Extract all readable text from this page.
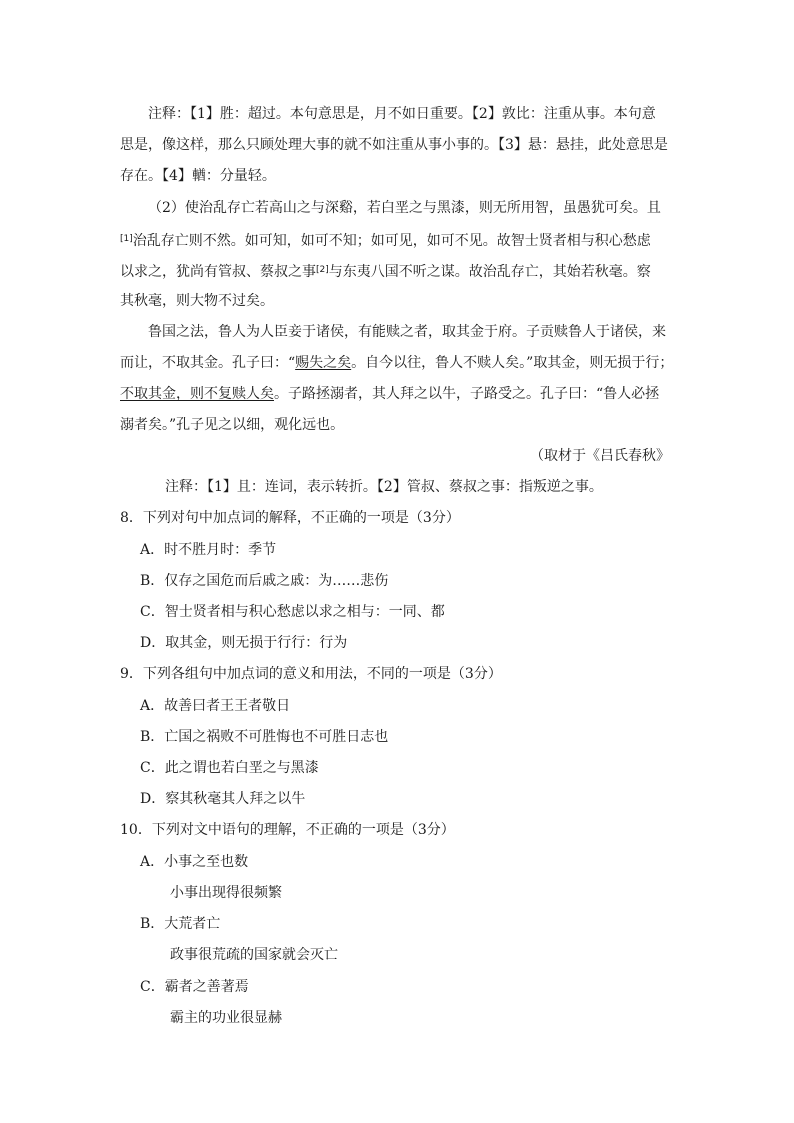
注释：【1】胜：超过。本句意思是，月不如日重要。【2】敦比：注重从事。本句意
思是，像这样，那么只顾处理大事的就不如注重从事小事的。【3】悬：悬挂，此处意思是
存在。【4】輶：分量轻。
（2）使治乱存亡若高山之与深谿，若白垩之与黑漆，则无所用智，虽愚犹可矣。且
[1]治乱存亡则不然。如可知，如可不知；如可见，如可不见。故智士贤者相与积心愁虑
以求之，犹尚有管叔、蔡叔之事[2]与东夷八国不听之谋。故治乱存亡，其始若秋毫。察
其秋毫，则大物不过矣。
鲁国之法，鲁人为人臣妾于诸侯，有能赎之者，取其金于府。子贡赎鲁人于诸侯，来
而让，不取其金。孔子曰：“赐失之矣。自今以往，鲁人不赎人矣。”取其金，则无损于行；
不取其金，则不复赎人矣。子路拯溺者，其人拜之以牛，子路受之。孔子曰：“鲁人必拯
溺者矣。”孔子见之以细，观化远也。
（取材于《吕氏春秋》
注释：【1】且：连词，表示转折。【2】管叔、蔡叔之事：指叛逆之事。
8．下列对句中加点词的解释，不正确的一项是（3分）
A．时不胜月时：季节
B．仅存之国危而后戚之戚：为……悲伤
C．智士贤者相与积心愁虑以求之相与：一同、都
D．取其金，则无损于行行：行为
9．下列各组句中加点词的意义和用法，不同的一项是（3分）
A．故善曰者王王者敬日
B．亡国之祸败不可胜悔也不可胜日志也
C．此之谓也若白垩之与黑漆
D．察其秋毫其人拜之以牛
10．下列对文中语句的理解，不正确的一项是（3分）
A．小事之至也数
小事出现得很频繁
B．大荒者亡
政事很荒疏的国家就会灭亡
C．霸者之善著焉
霸主的功业很显赫
